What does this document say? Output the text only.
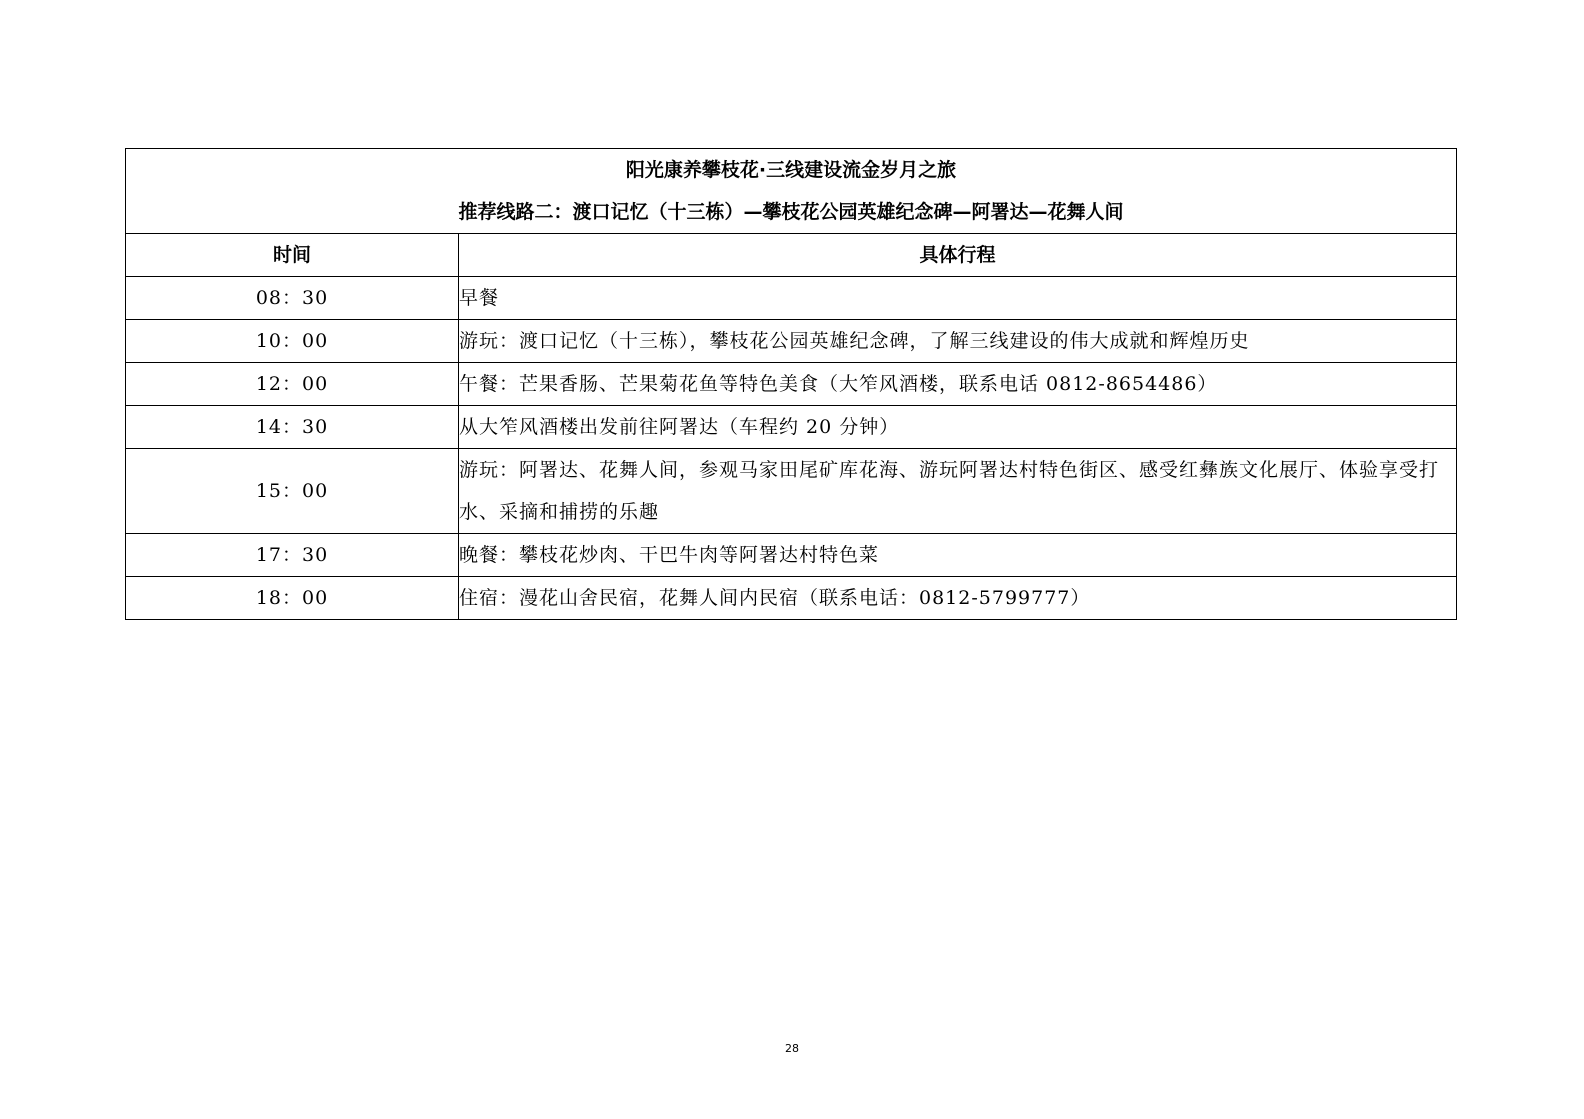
阳光康养攀枝花·三线建设流金岁月之旅
推荐线路二：渡口记忆（十三栋）—攀枝花公园英雄纪念碑—阿署达—花舞人间	

时间	具体行程
08：30	早餐
10：00	游玩：渡口记忆（十三栋），攀枝花公园英雄纪念碑，了解三线建设的伟大成就和辉煌历史
12：00	午餐：芒果香肠、芒果菊花鱼等特色美食（大笮风酒楼，联系电话 0812-8654486）
14：30	从大笮风酒楼出发前往阿署达（车程约 20 分钟）
15：00	游玩：阿署达、花舞人间，参观马家田尾矿库花海、游玩阿署达村特色街区、感受红彝族文化展厅、体验享受打水、采摘和捕捞的乐趣
17：30	晚餐：攀枝花炒肉、干巴牛肉等阿署达村特色菜
18：00	住宿：漫花山舍民宿，花舞人间内民宿（联系电话：0812-5799777）
28
